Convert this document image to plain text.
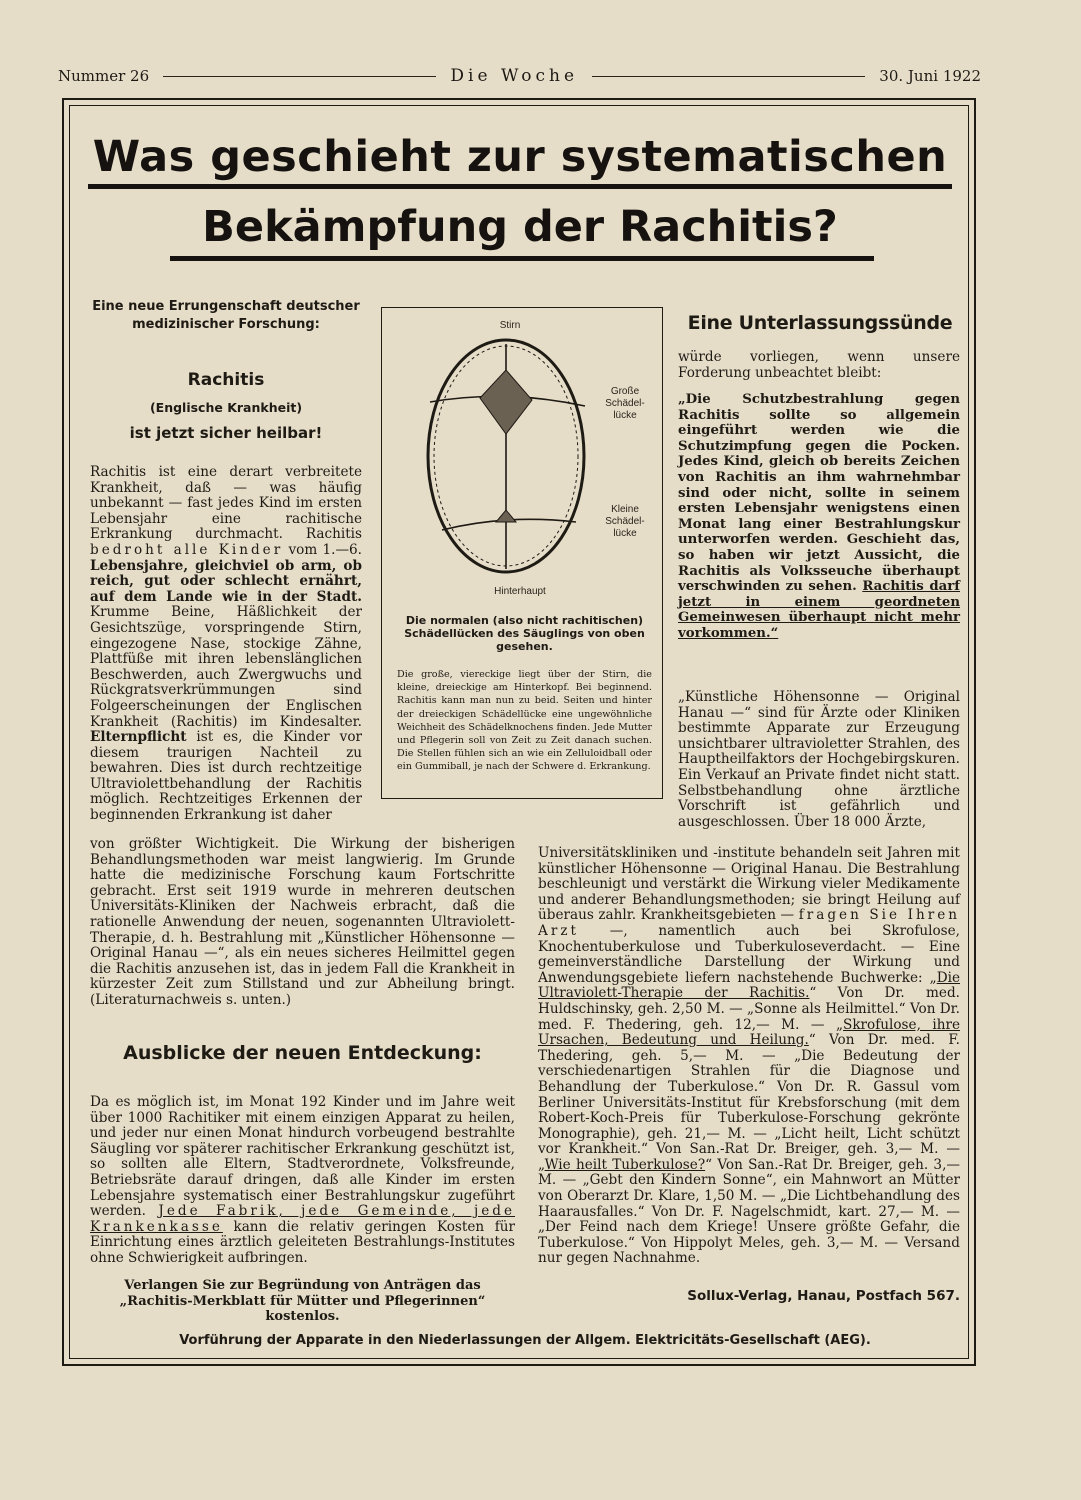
Nummer 26	Die Woche	30. Juni 1922
Was geschieht zur systematischen
Bekämpfung der Rachitis?
Eine neue Errungenschaft deutscher medizinischer Forschung:
Rachitis
(Englische Krankheit)
ist jetzt sicher heilbar!
Rachitis ist eine derart verbreitete Krankheit, daß — was häufig unbekannt — fast jedes Kind im ersten Lebensjahr eine rachitische Erkrankung durchmacht. Rachitis bedroht alle Kinder vom 1.—6. Lebensjahre, gleichviel ob arm, ob reich, gut oder schlecht ernährt, auf dem Lande wie in der Stadt. Krumme Beine, Häßlichkeit der Gesichtszüge, vorspringende Stirn, eingezogene Nase, stockige Zähne, Plattfüße mit ihren lebenslänglichen Beschwerden, auch Zwergwuchs und Rückgratsverkrümmungen sind Folgeerscheinungen der Englischen Krankheit (Rachitis) im Kindesalter. Elternpflicht ist es, die Kinder vor diesem traurigen Nachteil zu bewahren. Dies ist durch rechtzeitige Ultraviolettbehandlung der Rachitis möglich. Rechtzeitiges Erkennen der beginnenden Erkrankung ist daher
von größter Wichtigkeit. Die Wirkung der bisherigen Behandlungsmethoden war meist langwierig. Im Grunde hatte die medizinische Forschung kaum Fortschritte gebracht. Erst seit 1919 wurde in mehreren deutschen Universitäts-Kliniken der Nachweis erbracht, daß die rationelle Anwendung der neuen, sogenannten Ultraviolett-Therapie, d. h. Bestrahlung mit „Künstlicher Höhensonne — Original Hanau —“, als ein neues sicheres Heilmittel gegen die Rachitis anzusehen ist, das in jedem Fall die Krankheit in kürzester Zeit zum Stillstand und zur Abheilung bringt. (Literaturnachweis s. unten.)
Ausblicke der neuen Entdeckung:
Da es möglich ist, im Monat 192 Kinder und im Jahre weit über 1000 Rachitiker mit einem einzigen Apparat zu heilen, und jeder nur einen Monat hindurch vorbeugend bestrahlte Säugling vor späterer rachitischer Erkrankung geschützt ist, so sollten alle Eltern, Stadtverordnete, Volksfreunde, Betriebsräte darauf dringen, daß alle Kinder im ersten Lebensjahre systematisch einer Bestrahlungskur zugeführt werden. Jede Fabrik, jede Gemeinde, jede Krankenkasse kann die relativ geringen Kosten für Einrichtung eines ärztlich geleiteten Bestrahlungs-Institutes ohne Schwierigkeit aufbringen.
Verlangen Sie zur Begründung von Anträgen das „Rachitis-Merkblatt für Mütter und Pflegerinnen“ kostenlos.
Stirn
Große Schädel-lücke
Kleine Schädel-lücke
Hinterhaupt
Die normalen (also nicht rachitischen) Schädellücken des Säuglings von oben gesehen.
Die große, viereckige liegt über der Stirn, die kleine, dreieckige am Hinterkopf. Bei beginnend. Rachitis kann man nun zu beid. Seiten und hinter der dreieckigen Schädellücke eine ungewöhnliche Weichheit des Schädelknochens finden. Jede Mutter und Pflegerin soll von Zeit zu Zeit danach suchen. Die Stellen fühlen sich an wie ein Zelluloidball oder ein Gummiball, je nach der Schwere d. Erkrankung.
Eine Unterlassungssünde
würde vorliegen, wenn unsere Forderung unbeachtet bleibt:
„Die Schutzbestrahlung gegen Rachitis sollte so allgemein eingeführt werden wie die Schutzimpfung gegen die Pocken. Jedes Kind, gleich ob bereits Zeichen von Rachitis an ihm wahrnehmbar sind oder nicht, sollte in seinem ersten Lebensjahr wenigstens einen Monat lang einer Bestrahlungskur unterworfen werden. Geschieht das, so haben wir jetzt Aussicht, die Rachitis als Volksseuche überhaupt verschwinden zu sehen. Rachitis darf jetzt in einem geordneten Gemeinwesen überhaupt nicht mehr vorkommen.“
„Künstliche Höhensonne — Original Hanau —“ sind für Ärzte oder Kliniken bestimmte Apparate zur Erzeugung unsichtbarer ultravioletter Strahlen, des Hauptheilfaktors der Hochgebirgskuren. Ein Verkauf an Private findet nicht statt. Selbstbehandlung ohne ärztliche Vorschrift ist gefährlich und ausgeschlossen. Über 18 000 Ärzte,
Universitätskliniken und -institute behandeln seit Jahren mit künstlicher Höhensonne — Original Hanau. Die Bestrahlung beschleunigt und verstärkt die Wirkung vieler Medikamente und anderer Behandlungsmethoden; sie bringt Heilung auf überaus zahlr. Krankheitsgebieten — fragen Sie Ihren Arzt —, namentlich auch bei Skrofulose, Knochentuberkulose und Tuberkuloseverdacht. — Eine gemeinverständliche Darstellung der Wirkung und Anwendungsgebiete liefern nachstehende Buchwerke: „Die Ultraviolett-Therapie der Rachitis.“ Von Dr. med. Huldschinsky, geh. 2,50 M. — „Sonne als Heilmittel.“ Von Dr. med. F. Thedering, geh. 12,— M. — „Skrofulose, ihre Ursachen, Bedeutung und Heilung.“ Von Dr. med. F. Thedering, geh. 5,— M. — „Die Bedeutung der verschiedenartigen Strahlen für die Diagnose und Behandlung der Tuberkulose.“ Von Dr. R. Gassul vom Berliner Universitäts-Institut für Krebsforschung (mit dem Robert-Koch-Preis für Tuberkulose-Forschung gekrönte Monographie), geh. 21,— M. — „Licht heilt, Licht schützt vor Krankheit.“ Von San.-Rat Dr. Breiger, geh. 3,— M. — „Wie heilt Tuberkulose?“ Von San.-Rat Dr. Breiger, geh. 3,— M. — „Gebt den Kindern Sonne“, ein Mahnwort an Mütter von Oberarzt Dr. Klare, 1,50 M. — „Die Lichtbehandlung des Haarausfalles.“ Von Dr. F. Nagelschmidt, kart. 27,— M. — „Der Feind nach dem Kriege! Unsere größte Gefahr, die Tuberkulose.“ Von Hippolyt Meles, geh. 3,— M. — Versand nur gegen Nachnahme.
Sollux-Verlag, Hanau, Postfach 567.
Vorführung der Apparate in den Niederlassungen der Allgem. Elektricitäts-Gesellschaft (AEG).
